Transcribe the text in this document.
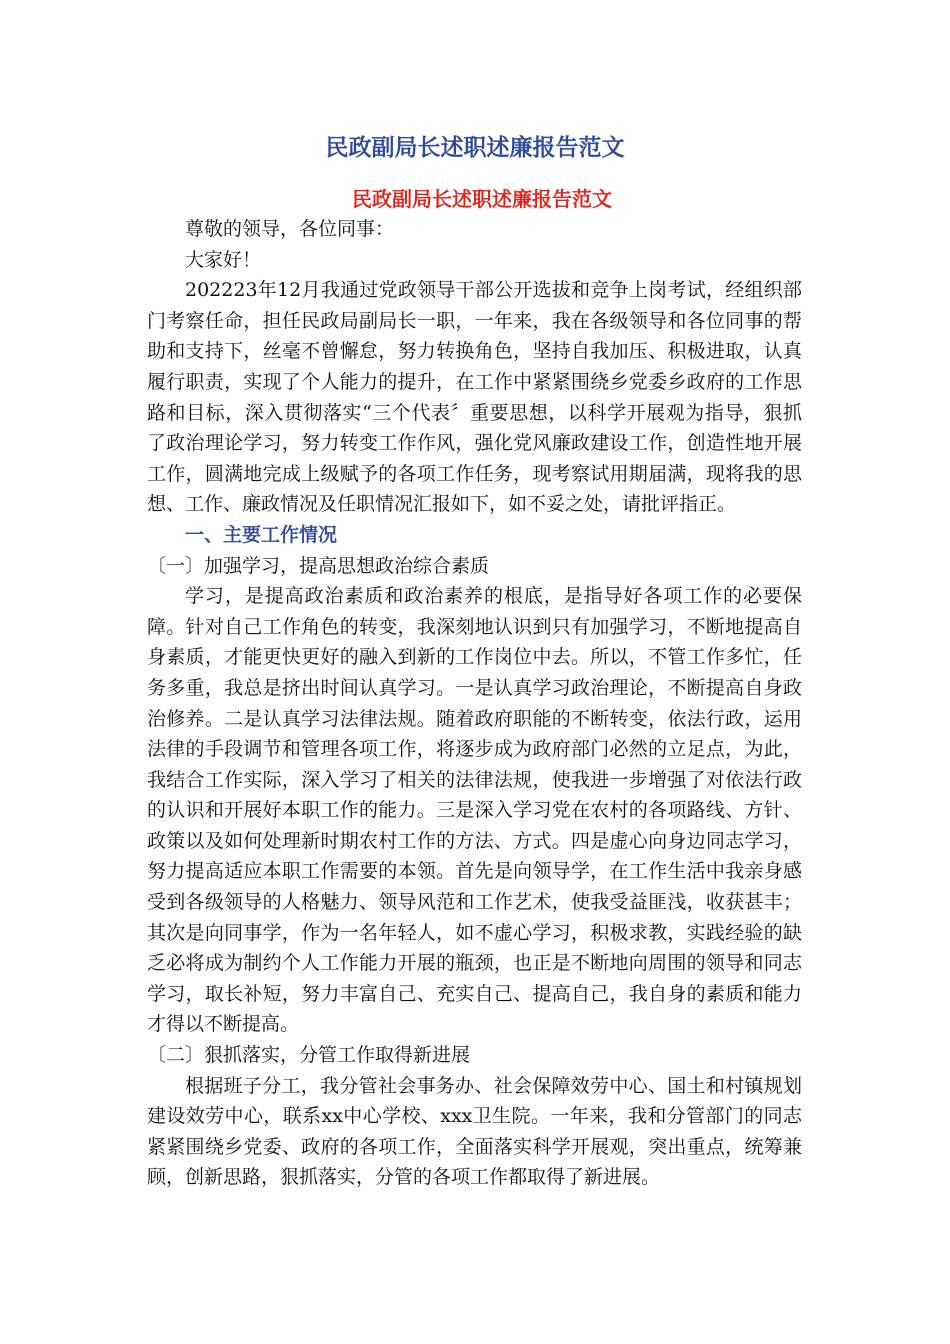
民政副局长述职述廉报告范文
民政副局长述职述廉报告范文

尊敬的领导，各位同事：

大家好！

202223年12月我通过党政领导干部公开选拔和竞争上岗考试，经组织部门考察任命，担任民政局副局长一职，一年来，我在各级领导和各位同事的帮助和支持下，丝毫不曾懈怠，努力转换角色，坚持自我加压、积极进取，认真履行职责，实现了个人能力的提升，在工作中紧紧围绕乡党委乡政府的工作思路和目标，深入贯彻落实“三个代表〞重要思想，以科学开展观为指导，狠抓了政治理论学习，努力转变工作作风，强化党风廉政建设工作，创造性地开展工作，圆满地完成上级赋予的各项工作任务，现考察试用期届满，现将我的思想、工作、廉政情况及任职情况汇报如下，如不妥之处，请批评指正。

一、主要工作情况

〔一〕加强学习，提高思想政治综合素质

学习，是提高政治素质和政治素养的根底，是指导好各项工作的必要保障。针对自己工作角色的转变，我深刻地认识到只有加强学习，不断地提高自身素质，才能更快更好的融入到新的工作岗位中去。所以，不管工作多忙，任务多重，我总是挤出时间认真学习。一是认真学习政治理论，不断提高自身政治修养。二是认真学习法律法规。随着政府职能的不断转变，依法行政，运用法律的手段调节和管理各项工作，将逐步成为政府部门必然的立足点，为此，我结合工作实际，深入学习了相关的法律法规，使我进一步增强了对依法行政的认识和开展好本职工作的能力。三是深入学习党在农村的各项路线、方针、政策以及如何处理新时期农村工作的方法、方式。四是虚心向身边同志学习，努力提高适应本职工作需要的本领。首先是向领导学，在工作生活中我亲身感受到各级领导的人格魅力、领导风范和工作艺术，使我受益匪浅，收获甚丰；其次是向同事学，作为一名年轻人，如不虚心学习，积极求教，实践经验的缺乏必将成为制约个人工作能力开展的瓶颈，也正是不断地向周围的领导和同志学习，取长补短，努力丰富自己、充实自己、提高自己，我自身的素质和能力才得以不断提高。

〔二〕狠抓落实，分管工作取得新进展

根据班子分工，我分管社会事务办、社会保障效劳中心、国土和村镇规划建设效劳中心，联系xx中心学校、xxx卫生院。一年来，我和分管部门的同志紧紧围绕乡党委、政府的各项工作，全面落实科学开展观，突出重点，统筹兼顾，创新思路，狠抓落实，分管的各项工作都取得了新进展。
